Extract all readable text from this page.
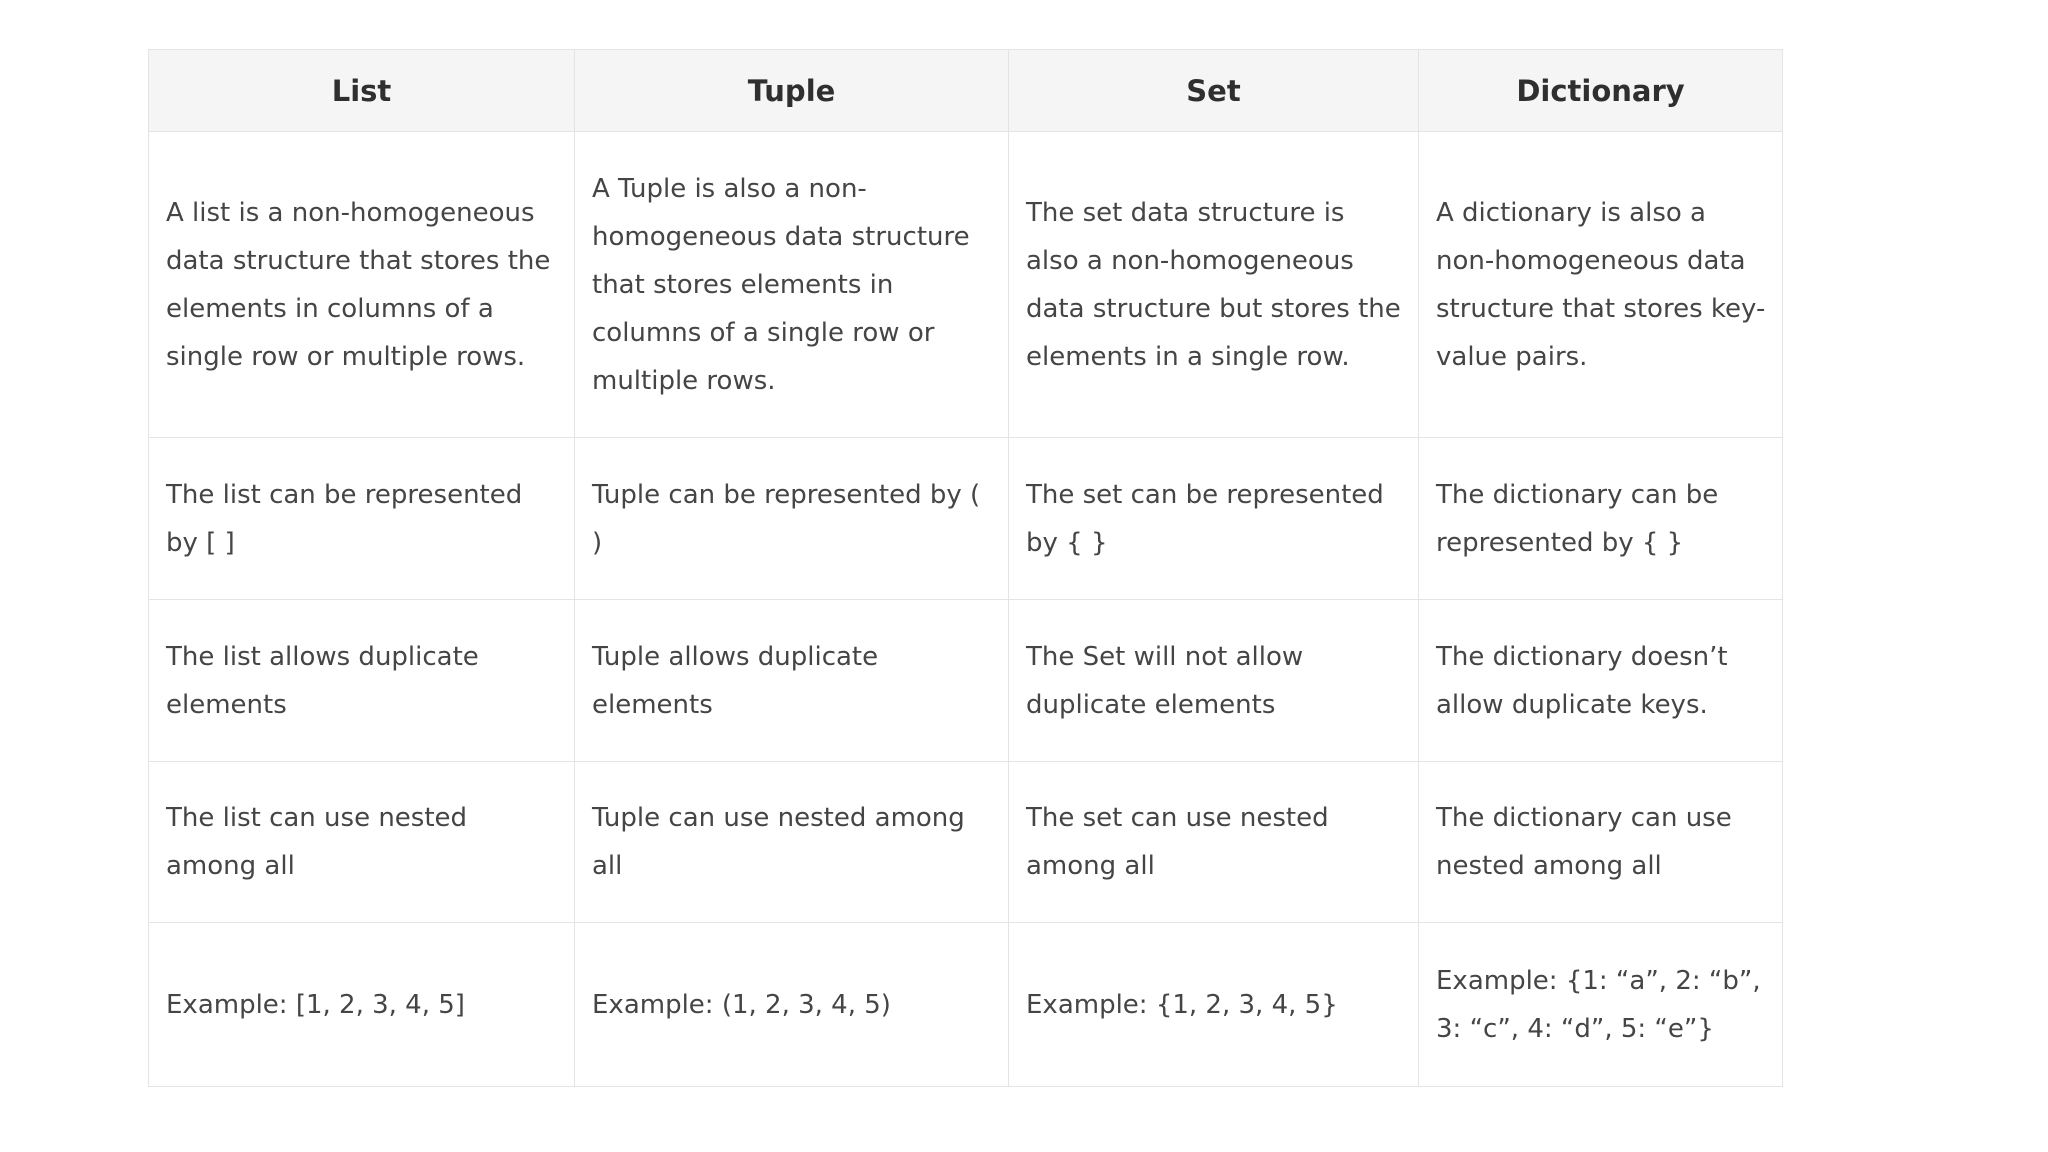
List	Tuple	Set	Dictionary
A list is a non-homogeneous data structure that stores the elements in columns of a single row or multiple rows.	A Tuple is also a non-homogeneous data structure that stores elements in columns of a single row or multiple rows.	The set data structure is also a non-homogeneous data structure but stores the elements in a single row.	A dictionary is also a non-homogeneous data structure that stores key-value pairs.
The list can be represented by [ ]	Tuple can be represented by ( )	The set can be represented by { }	The dictionary can be represented by { }
The list allows duplicate elements	Tuple allows duplicate elements	The Set will not allow duplicate elements	The dictionary doesn’t allow duplicate keys.
The list can use nested among all	Tuple can use nested among all	The set can use nested among all	The dictionary can use nested among all
Example: [1, 2, 3, 4, 5]	Example: (1, 2, 3, 4, 5)	Example: {1, 2, 3, 4, 5}	Example: {1: “a”, 2: “b”, 3: “c”, 4: “d”, 5: “e”}
